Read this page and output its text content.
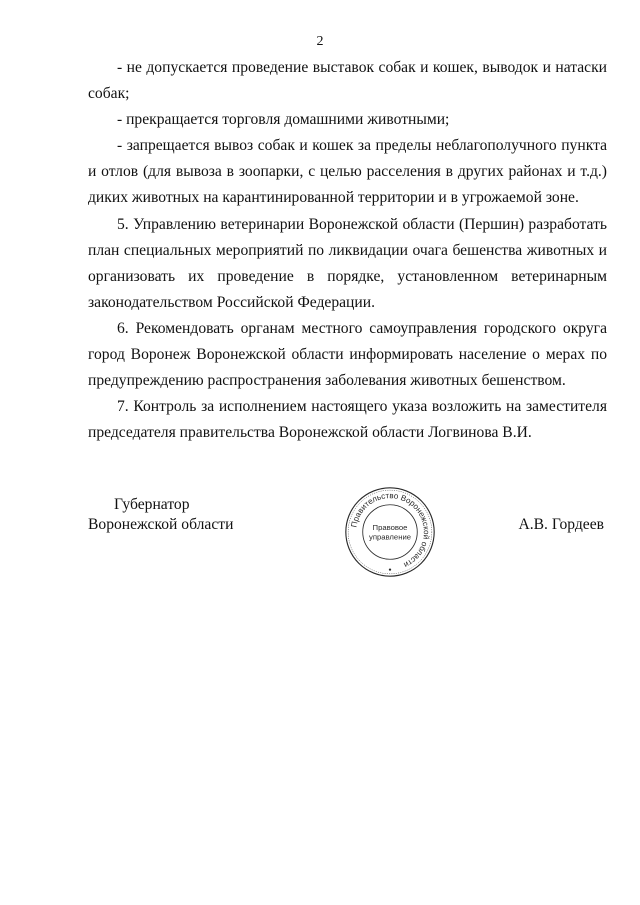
2

- не допускается проведение выставок собак и кошек, выводок и натаски собак;

- прекращается торговля домашними животными;

- запрещается вывоз собак и кошек за пределы неблагополучного пункта и отлов (для вывоза в зоопарки, с целью расселения в других районах и т.д.) диких животных на карантинированной территории и в угрожаемой зоне.

5. Управлению ветеринарии Воронежской области (Першин) разработать план специальных мероприятий по ликвидации очага бешенства животных и организовать их проведение в порядке, установленном ветеринарным законодательством Российской Федерации.

6. Рекомендовать органам местного самоуправления городского округа город Воронеж Воронежской области информировать население о мерах по предупреждению распространения заболевания животных бешенством.

7. Контроль за исполнением настоящего указа возложить на заместителя председателя правительства Воронежской области Логвинова В.И.

Губернатор
Воронежской области	Правительство Воронежской области
Правовое
управление
А.В. Гордеев
